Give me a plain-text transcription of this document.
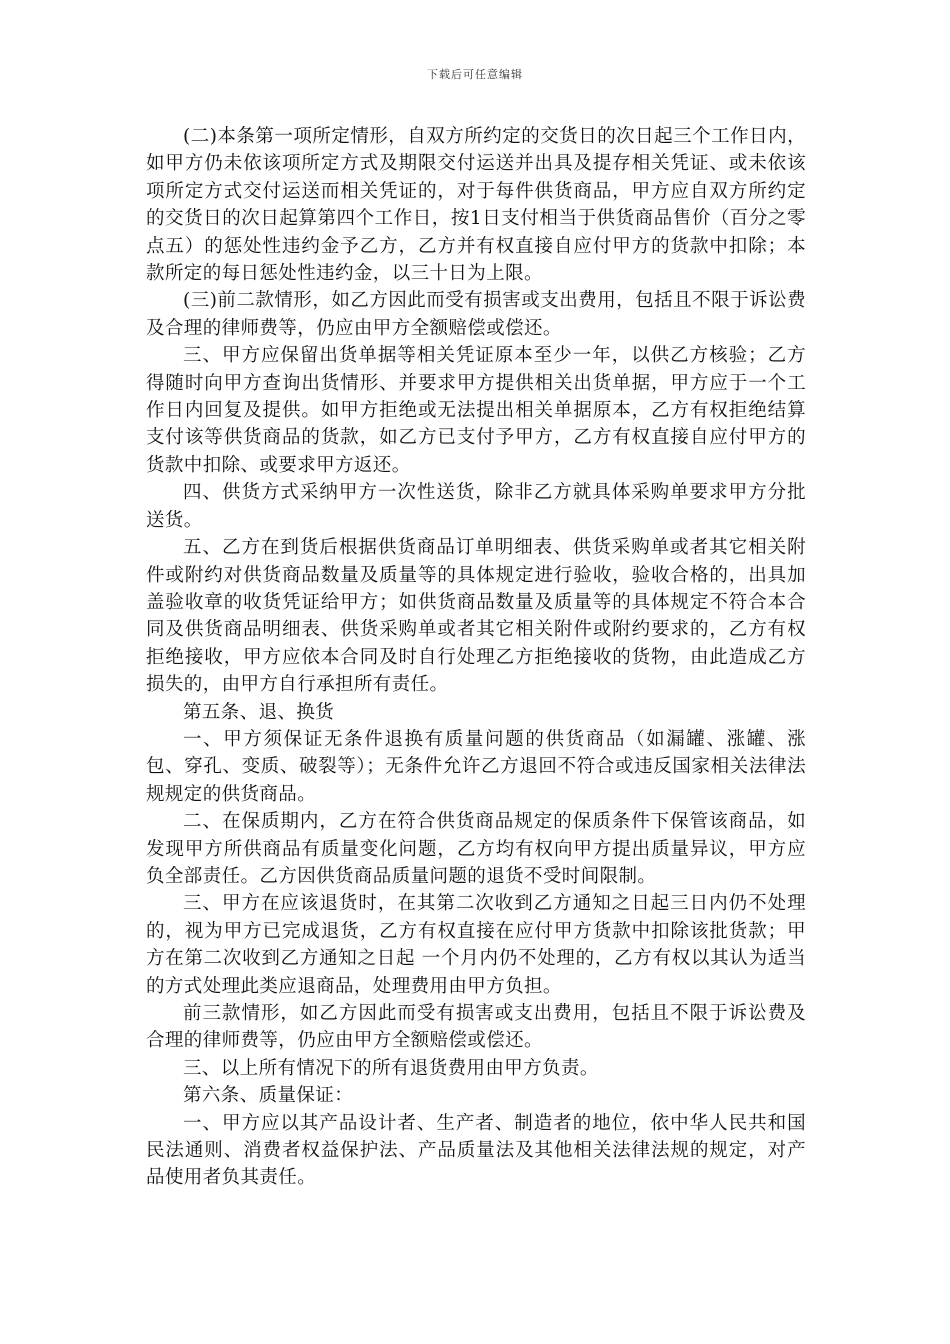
下载后可任意编辑

(二)本条第一项所定情形，自双方所约定的交货日的次日起三个工作日内，如甲方仍未依该项所定方式及期限交付运送并出具及提存相关凭证、或未依该项所定方式交付运送而相关凭证的，对于每件供货商品，甲方应自双方所约定的交货日的次日起算第四个工作日，按1日支付相当于供货商品售价（百分之零点五）的惩处性违约金予乙方，乙方并有权直接自应付甲方的货款中扣除；本款所定的每日惩处性违约金，以三十日为上限。

(三)前二款情形，如乙方因此而受有损害或支出费用，包括且不限于诉讼费及合理的律师费等，仍应由甲方全额赔偿或偿还。

三、甲方应保留出货单据等相关凭证原本至少一年，以供乙方核验；乙方得随时向甲方查询出货情形、并要求甲方提供相关出货单据，甲方应于一个工作日内回复及提供。如甲方拒绝或无法提出相关单据原本，乙方有权拒绝结算支付该等供货商品的货款，如乙方已支付予甲方，乙方有权直接自应付甲方的货款中扣除、或要求甲方返还。

四、供货方式采纳甲方一次性送货，除非乙方就具体采购单要求甲方分批送货。

五、乙方在到货后根据供货商品订单明细表、供货采购单或者其它相关附件或附约对供货商品数量及质量等的具体规定进行验收，验收合格的，出具加盖验收章的收货凭证给甲方；如供货商品数量及质量等的具体规定不符合本合同及供货商品明细表、供货采购单或者其它相关附件或附约要求的，乙方有权拒绝接收，甲方应依本合同及时自行处理乙方拒绝接收的货物，由此造成乙方损失的，由甲方自行承担所有责任。

第五条、退、换货

一、甲方须保证无条件退换有质量问题的供货商品（如漏罐、涨罐、涨包、穿孔、变质、破裂等）；无条件允许乙方退回不符合或违反国家相关法律法规规定的供货商品。

二、在保质期内，乙方在符合供货商品规定的保质条件下保管该商品，如发现甲方所供商品有质量变化问题，乙方均有权向甲方提出质量异议，甲方应负全部责任。乙方因供货商品质量问题的退货不受时间限制。

三、甲方在应该退货时，在其第二次收到乙方通知之日起三日内仍不处理的，视为甲方已完成退货，乙方有权直接在应付甲方货款中扣除该批货款；甲方在第二次收到乙方通知之日起 一个月内仍不处理的，乙方有权以其认为适当的方式处理此类应退商品，处理费用由甲方负担。

前三款情形，如乙方因此而受有损害或支出费用，包括且不限于诉讼费及合理的律师费等，仍应由甲方全额赔偿或偿还。

三、以上所有情况下的所有退货费用由甲方负责。

第六条、质量保证：

一、甲方应以其产品设计者、生产者、制造者的地位，依中华人民共和国民法通则、消费者权益保护法、产品质量法及其他相关法律法规的规定，对产品使用者负其责任。
